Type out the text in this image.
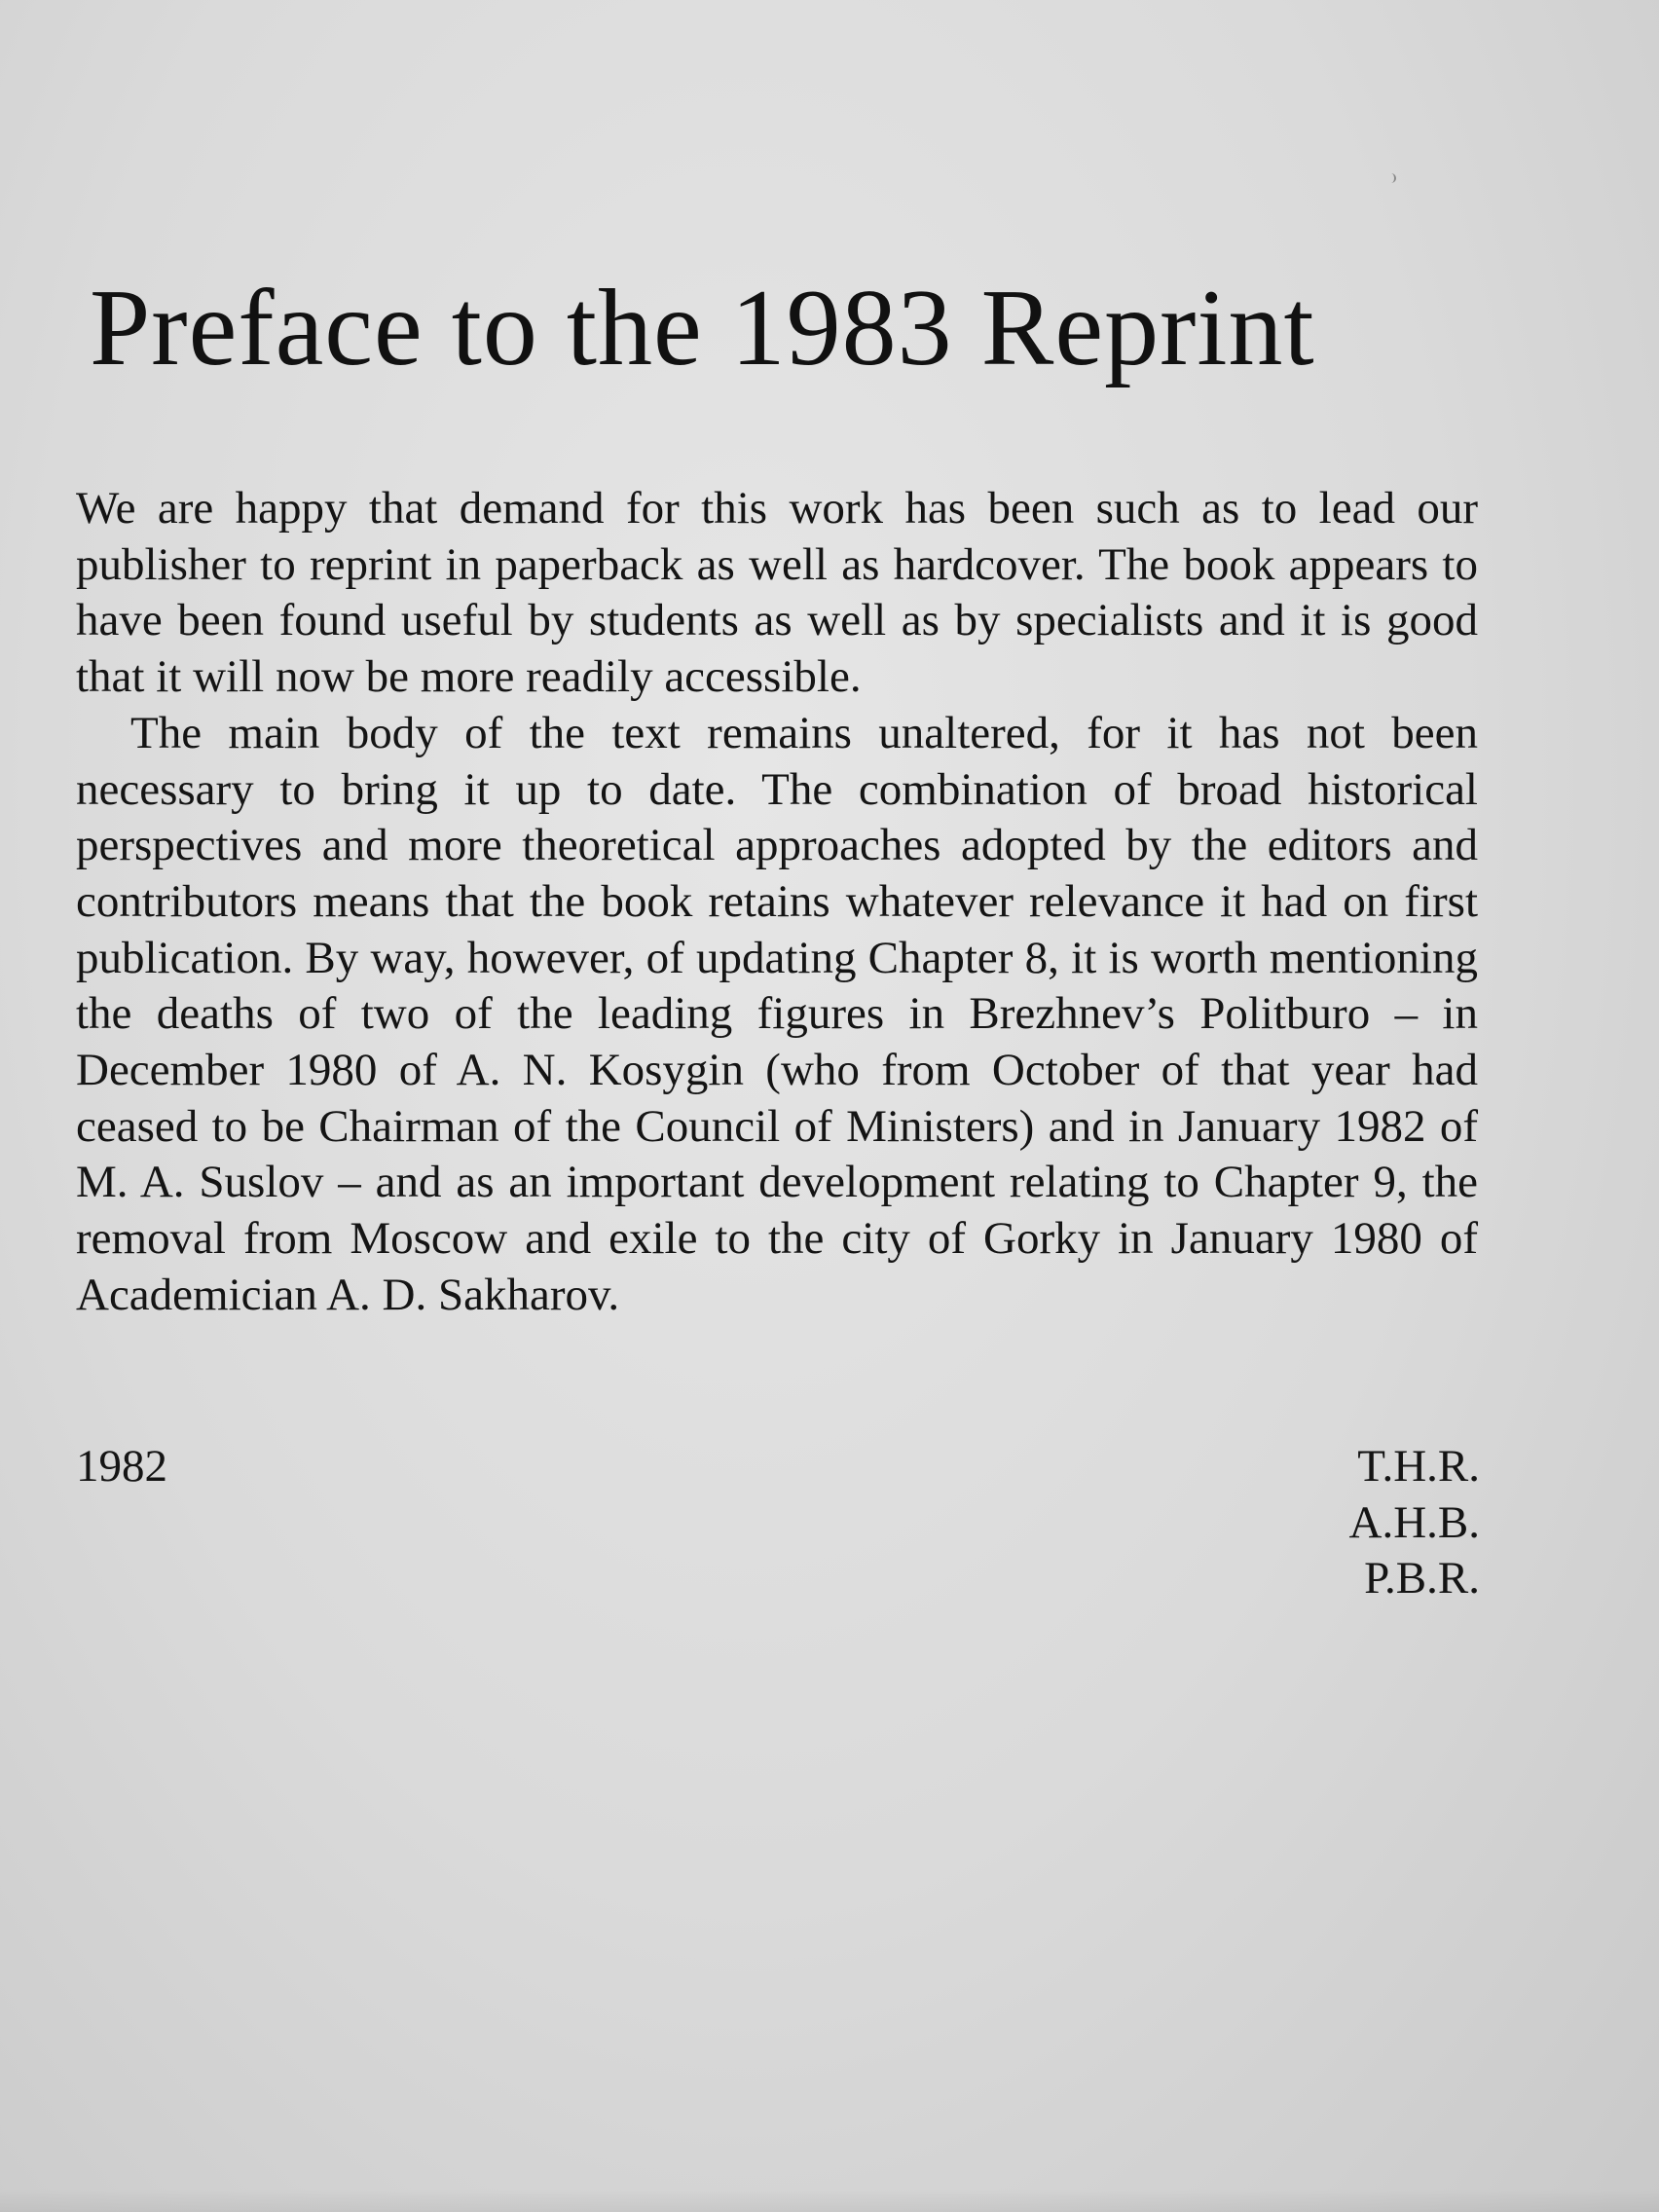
Preface to the 1983 Reprint

We are happy that demand for this work has been such as to lead our publisher to reprint in paperback as well as hardcover. The book appears to have been found useful by students as well as by specialists and it is good that it will now be more readily accessible.

The main body of the text remains unaltered, for it has not been necessary to bring it up to date. The combination of broad historical perspectives and more theoretical approaches adopted by the editors and contributors means that the book retains whatever relevance it had on first publication. By way, however, of updating Chapter 8, it is worth mentioning the deaths of two of the leading figures in Brezhnev’s Politburo – in December 1980 of A. N. Kosygin (who from October of that year had ceased to be Chairman of the Council of Ministers) and in January 1982 of M. A. Suslov – and as an important development relating to Chapter 9, the removal from Moscow and exile to the city of Gorky in January 1980 of Academician A. D. Sakharov.

1982	T.H.R.
A.H.B.
P.B.R.
